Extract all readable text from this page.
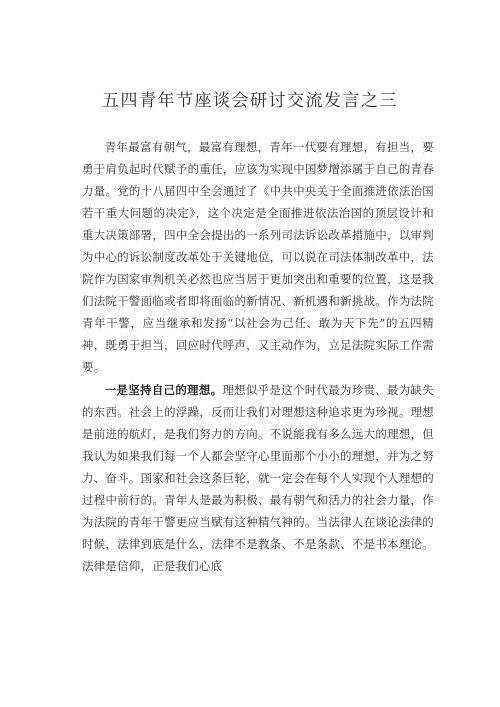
五四青年节座谈会研讨交流发言之三

青年最富有朝气，最富有理想，青年一代要有理想，有担当，要勇于肩负起时代赋予的重任，应该为实现中国梦增添属于自己的青春力量。党的十八届四中全会通过了《中共中央关于全面推进依法治国若干重大问题的决定》，这个决定是全面推进依法治国的顶层设计和重大决策部署，四中全会提出的一系列司法诉讼改革措施中，以审判为中心的诉讼制度改革处于关键地位，可以说在司法体制改革中，法院作为国家审判机关必然也应当居于更加突出和重要的位置，这是我们法院干警面临或者即将面临的新情况、新机遇和新挑战。作为法院青年干警，应当继承和发扬“以社会为己任、敢为天下先”的五四精神，既勇于担当，回应时代呼声，又主动作为，立足法院实际工作需要。

一是坚持自己的理想。理想似乎是这个时代最为珍贵、最为缺失的东西。社会上的浮躁，反而让我们对理想这种追求更为珍视。理想是前进的航灯，是我们努力的方向。不说能我有多么远大的理想，但我认为如果我们每一个人都会坚守心里面那个小小的理想，并为之努力、奋斗。国家和社会这条巨轮，就一定会在每个人实现个人理想的过程中前行的。青年人是最为积极、最有朝气和活力的社会力量，作为法院的青年干警更应当赋有这种精气神的。当法律人在谈论法律的时候，法律到底是什么，法律不是教条、不是条款、不是书本理论。法律是信仰，正是我们心底
